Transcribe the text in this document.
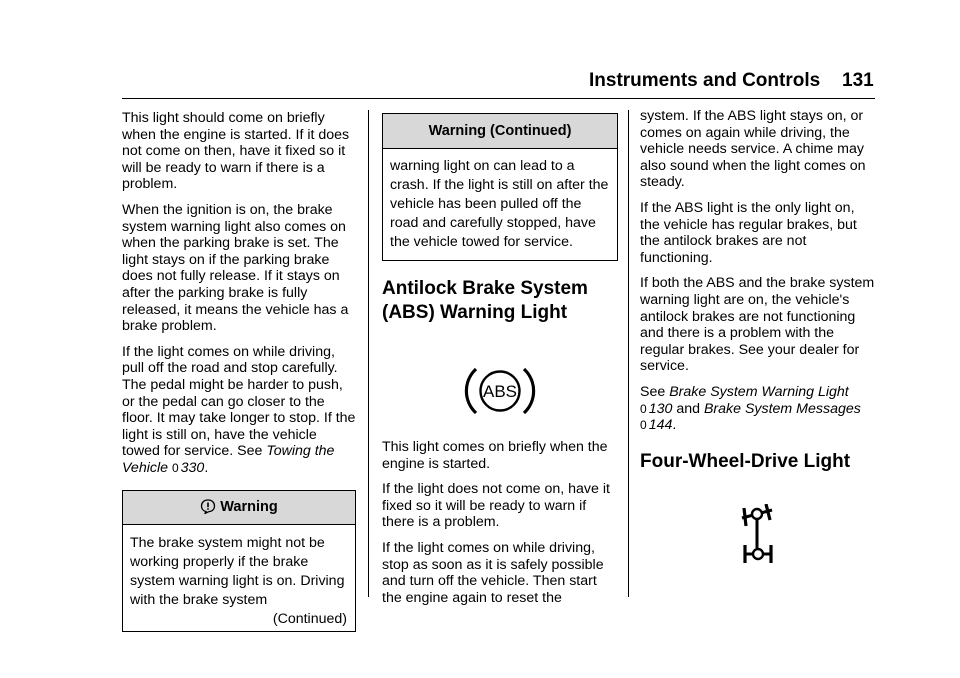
Instruments and Controls 131

This light should come on briefly when the engine is started. If it does not come on then, have it fixed so it will be ready to warn if there is a problem.

When the ignition is on, the brake system warning light also comes on when the parking brake is set. The light stays on if the parking brake does not fully release. If it stays on after the parking brake is fully released, it means the vehicle has a brake problem.

If the light comes on while driving, pull off the road and stop carefully. The pedal might be harder to push, or the pedal can go closer to the floor. It may take longer to stop. If the light is still on, have the vehicle towed for service. See Towing the Vehicle 0 330.

Warning

The brake system might not be working properly if the brake system warning light is on. Driving with the brake system

(Continued)
Warning (Continued)

warning light on can lead to a crash. If the light is still on after the vehicle has been pulled off the road and carefully stopped, have the vehicle towed for service.

Antilock Brake System (ABS) Warning Light
ABS

This light comes on briefly when the engine is started.

If the light does not come on, have it fixed so it will be ready to warn if there is a problem.

If the light comes on while driving, stop as soon as it is safely possible and turn off the vehicle. Then start the engine again to reset the

system. If the ABS light stays on, or comes on again while driving, the vehicle needs service. A chime may also sound when the light comes on steady.

If the ABS light is the only light on, the vehicle has regular brakes, but the antilock brakes are not functioning.

If both the ABS and the brake system warning light are on, the vehicle's antilock brakes are not functioning and there is a problem with the regular brakes. See your dealer for service.

See Brake System Warning Light
0 130 and Brake System Messages
0 144.

Four-Wheel-Drive Light
